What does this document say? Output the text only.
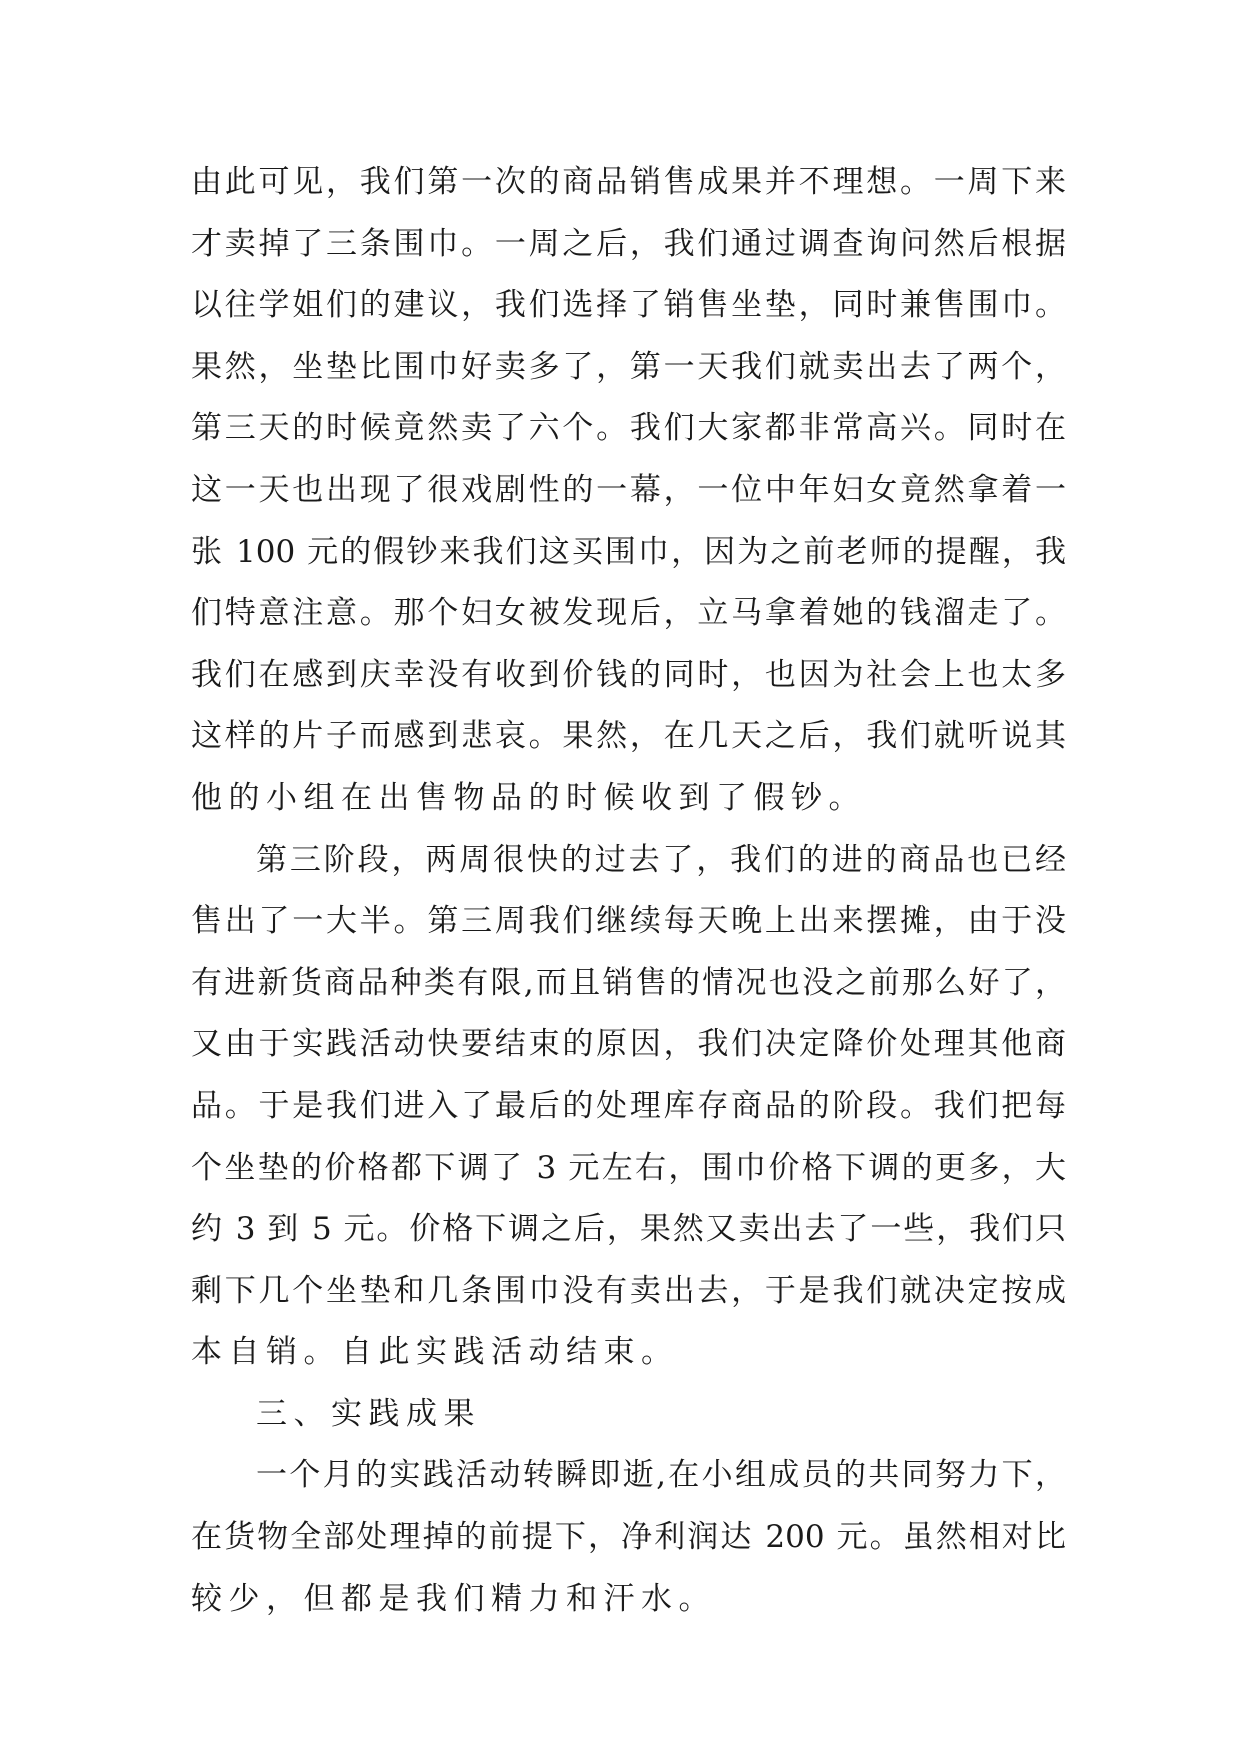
由此可见，我们第一次的商品销售成果并不理想。一周下来
才卖掉了三条围巾。一周之后，我们通过调查询问然后根据
以往学姐们的建议，我们选择了销售坐垫，同时兼售围巾。
果然，坐垫比围巾好卖多了，第一天我们就卖出去了两个，
第三天的时候竟然卖了六个。我们大家都非常高兴。同时在
这一天也出现了很戏剧性的一幕，一位中年妇女竟然拿着一
张 100 元的假钞来我们这买围巾，因为之前老师的提醒，我
们特意注意。那个妇女被发现后，立马拿着她的钱溜走了。
我们在感到庆幸没有收到价钱的同时，也因为社会上也太多
这样的片子而感到悲哀。果然，在几天之后，我们就听说其
他的小组在出售物品的时候收到了假钞。
第三阶段，两周很快的过去了，我们的进的商品也已经
售出了一大半。第三周我们继续每天晚上出来摆摊，由于没
有进新货商品种类有限,而且销售的情况也没之前那么好了，
又由于实践活动快要结束的原因，我们决定降价处理其他商
品。于是我们进入了最后的处理库存商品的阶段。我们把每
个坐垫的价格都下调了 3 元左右，围巾价格下调的更多，大
约 3 到 5 元。价格下调之后，果然又卖出去了一些，我们只
剩下几个坐垫和几条围巾没有卖出去，于是我们就决定按成
本自销。自此实践活动结束。
三、实践成果
一个月的实践活动转瞬即逝,在小组成员的共同努力下，
在货物全部处理掉的前提下，净利润达 200 元。虽然相对比
较少，但都是我们精力和汗水。
